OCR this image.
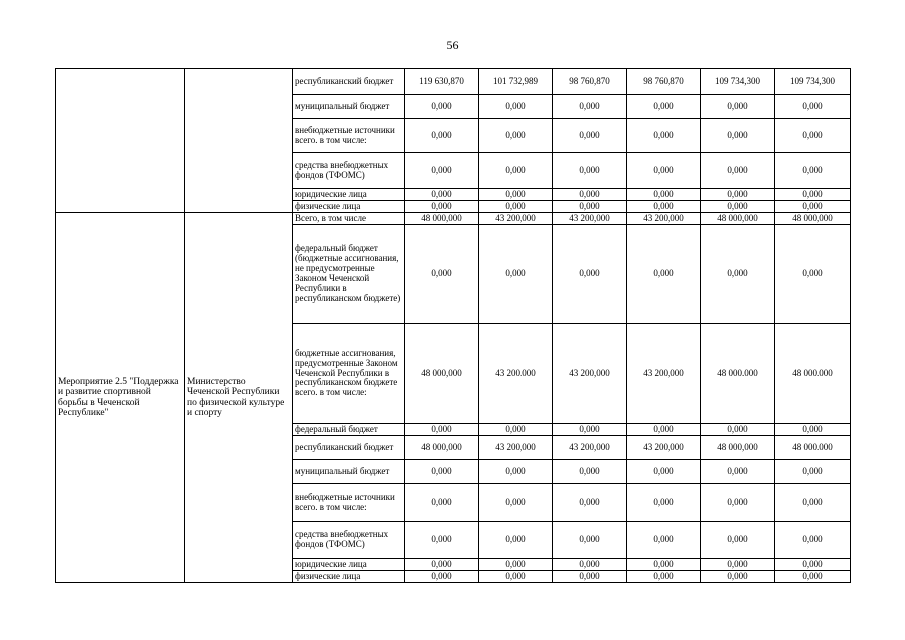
56
		республиканский бюджет	119 630,870	101 732,989	98 760,870	98 760,870	109 734,300	109 734,300
		муниципальный бюджет	0,000	0,000	0,000	0,000	0,000	0,000
		внебюджетные источники всего. в том числе:	0,000	0,000	0,000	0,000	0,000	0,000
		средства внебюджетных фондов (ТФОМС)	0,000	0,000	0,000	0,000	0,000	0,000
		юридические лица	0,000	0,000	0,000	0,000	0,000	0,000
		физические лица	0,000	0,000	0,000	0,000	0,000	0,000

Мероприятие 2.5 "Поддержка и развитие спортивной борьбы в Чеченской Республике"	Министерство Чеченской Республики по физической культуре и спорту	Всего, в том числе	48 000,000	43 200,000	43 200,000	43 200,000	48 000,000	48 000,000
		федеральный бюджет (бюджетные ассигнования, не предусмотренные Законом Чеченской Республики в республиканском бюджете)	0,000	0,000	0,000	0,000	0,000	0,000
		бюджетные ассигнования, предусмотренные Законом Чеченской Республики в республиканском бюджете всего. в том числе:	48 000,000	43 200.000	43 200,000	43 200,000	48 000.000	48 000.000
		федеральный бюджет	0,000	0,000	0,000	0,000	0,000	0,000
		республиканский бюджет	48 000,000	43 200,000	43 200,000	43 200,000	48 000,000	48 000.000
		муниципальный бюджет	0,000	0,000	0,000	0,000	0,000	0,000
		внебюджетные источники всего. в том числе:	0,000	0,000	0,000	0,000	0,000	0,000
		средства внебюджетных фондов (ТФОМС)	0,000	0,000	0,000	0,000	0,000	0,000
		юридические лица	0,000	0,000	0,000	0,000	0,000	0,000
		физические лица	0,000	0,000	0,000	0,000	0,000	0,000
